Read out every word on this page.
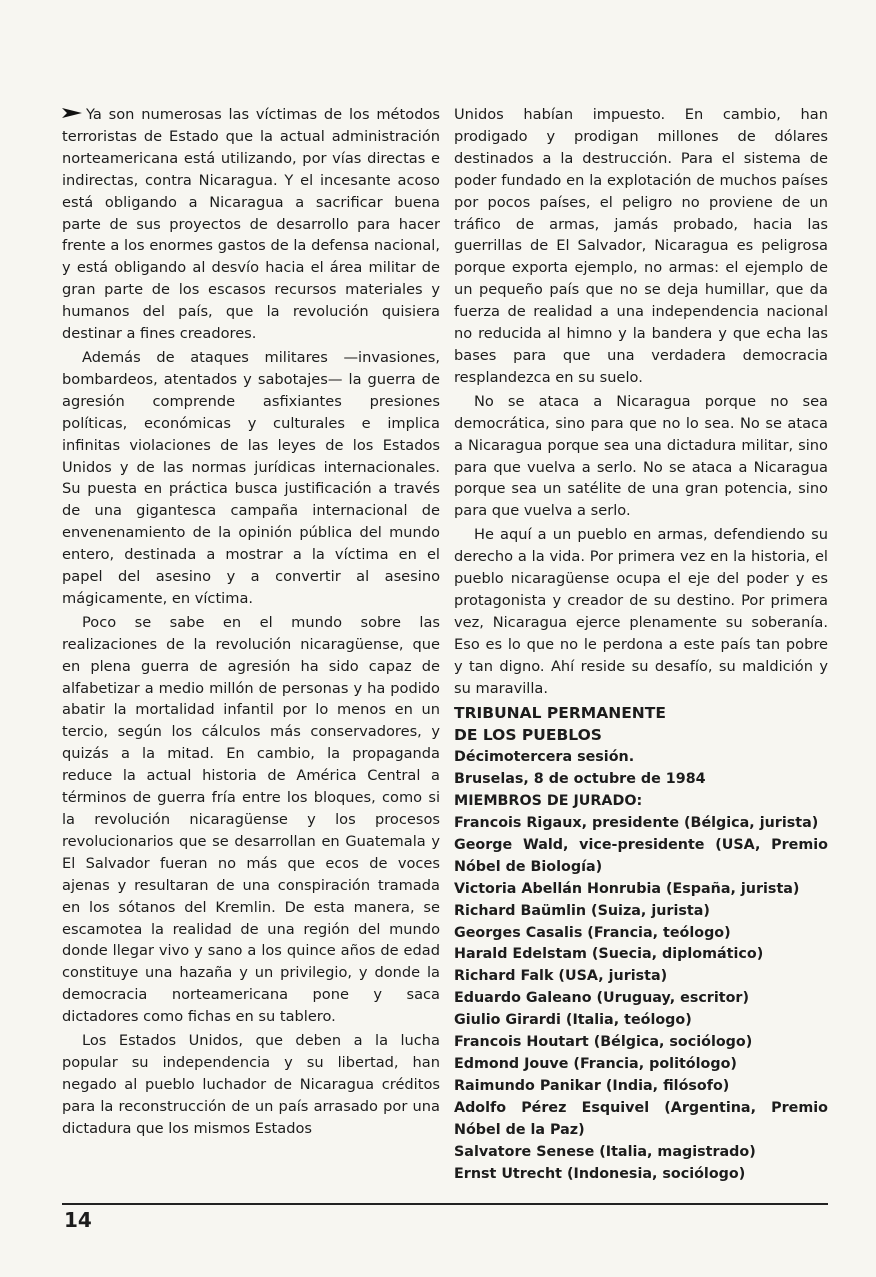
Ya son numerosas las víctimas de los métodos terroristas de Estado que la actual administración norteamericana está utilizando, por vías directas e indirectas, contra Nicaragua. Y el incesante acoso está obligando a Nicaragua a sacrificar buena parte de sus proyectos de desarrollo para hacer frente a los enormes gastos de la defensa nacional, y está obligando al desvío hacia el área militar de gran parte de los escasos recursos materiales y humanos del país, que la revolución quisiera destinar a fines creadores.

Además de ataques militares —invasiones, bombardeos, atentados y sabotajes— la guerra de agresión comprende asfixiantes presiones políticas, económicas y culturales e implica infinitas violaciones de las leyes de los Estados Unidos y de las normas jurídicas internacionales. Su puesta en práctica busca justificación a través de una gigantesca campaña internacional de envenenamiento de la opinión pública del mundo entero, destinada a mostrar a la víctima en el papel del asesino y a convertir al asesino mágicamente, en víctima.

Poco se sabe en el mundo sobre las realizaciones de la revolución nicaragüense, que en plena guerra de agresión ha sido capaz de alfabetizar a medio millón de personas y ha podido abatir la mortalidad infantil por lo menos en un tercio, según los cálculos más conservadores, y quizás a la mitad. En cambio, la propaganda reduce la actual historia de América Central a términos de guerra fría entre los bloques, como si la revolución nicaragüense y los procesos revolucionarios que se desarrollan en Guatemala y El Salvador fueran no más que ecos de voces ajenas y resultaran de una conspiración tramada en los sótanos del Kremlin. De esta manera, se escamotea la realidad de una región del mundo donde llegar vivo y sano a los quince años de edad constituye una hazaña y un privilegio, y donde la democracia norteamericana pone y saca dictadores como fichas en su tablero.

Los Estados Unidos, que deben a la lucha popular su independencia y su libertad, han negado al pueblo luchador de Nicaragua créditos para la reconstrucción de un país arrasado por una dictadura que los mismos Estados

Unidos habían impuesto. En cambio, han prodigado y prodigan millones de dólares destinados a la destrucción. Para el sistema de poder fundado en la explotación de muchos países por pocos países, el peligro no proviene de un tráfico de armas, jamás probado, hacia las guerrillas de El Salvador, Nicaragua es peligrosa porque exporta ejemplo, no armas: el ejemplo de un pequeño país que no se deja humillar, que da fuerza de realidad a una independencia nacional no reducida al himno y la bandera y que echa las bases para que una verdadera democracia resplandezca en su suelo.

No se ataca a Nicaragua porque no sea democrática, sino para que no lo sea. No se ataca a Nicaragua porque sea una dictadura militar, sino para que vuelva a serlo. No se ataca a Nicaragua porque sea un satélite de una gran potencia, sino para que vuelva a serlo.

He aquí a un pueblo en armas, defendiendo su derecho a la vida. Por primera vez en la historia, el pueblo nicaragüense ocupa el eje del poder y es protagonista y creador de su destino. Por primera vez, Nicaragua ejerce plenamente su soberanía. Eso es lo que no le perdona a este país tan pobre y tan digno. Ahí reside su desafío, su maldición y su maravilla.

TRIBUNAL PERMANENTE
DE LOS PUEBLOS
Décimotercera sesión.
Bruselas, 8 de octubre de 1984
MIEMBROS DE JURADO:
Francois Rigaux, presidente (Bélgica, jurista)
George Wald, vice-presidente (USA, Premio
Nóbel de Biología)
Victoria Abellán Honrubia (España, jurista)
Richard Baümlin (Suiza, jurista)
Georges Casalis (Francia, teólogo)
Harald Edelstam (Suecia, diplomático)
Richard Falk (USA, jurista)
Eduardo Galeano (Uruguay, escritor)
Giulio Girardi (Italia, teólogo)
Francois Houtart (Bélgica, sociólogo)
Edmond Jouve (Francia, politólogo)
Raimundo Panikar (India, filósofo)
Adolfo Pérez Esquivel (Argentina, Premio
Nóbel de la Paz)
Salvatore Senese (Italia, magistrado)
Ernst Utrecht (Indonesia, sociólogo)
14
